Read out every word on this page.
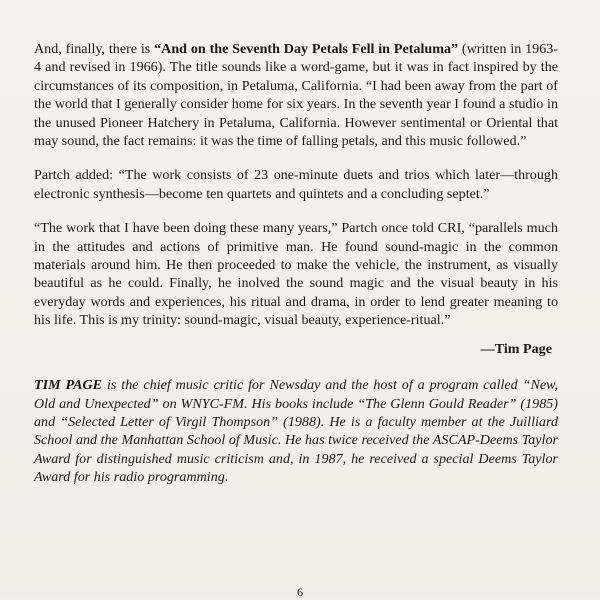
And, finally, there is “And on the Seventh Day Petals Fell in Petaluma” (written in 1963-4 and revised in 1966). The title sounds like a word-game, but it was in fact inspired by the circumstances of its composition, in Petaluma, California. “I had been away from the part of the world that I generally consider home for six years. In the seventh year I found a studio in the unused Pioneer Hatchery in Petaluma, California. However sentimental or Oriental that may sound, the fact remains: it was the time of falling petals, and this music followed.”

Partch added: “The work consists of 23 one-minute duets and trios which later—through electronic synthesis—become ten quartets and quintets and a concluding septet.”

“The work that I have been doing these many years,” Partch once told CRI, “parallels much in the attitudes and actions of primitive man. He found sound-magic in the common materials around him. He then proceeded to make the vehicle, the instrument, as visually beautiful as he could. Finally, he inolved the sound magic and the visual beauty in his everyday words and experiences, his ritual and drama, in order to lend greater meaning to his life. This is my trinity: sound-magic, visual beauty, experience-ritual.”

—Tim Page

TIM PAGE is the chief music critic for Newsday and the host of a program called “New, Old and Unexpected” on WNYC-FM. His books include “The Glenn Gould Reader” (1985) and “Selected Letter of Virgil Thompson” (1988). He is a faculty member at the Juilliard School and the Manhattan School of Music. He has twice received the ASCAP-Deems Taylor Award for distinguished music criticism and, in 1987, he received a special Deems Taylor Award for his radio programming.

6
